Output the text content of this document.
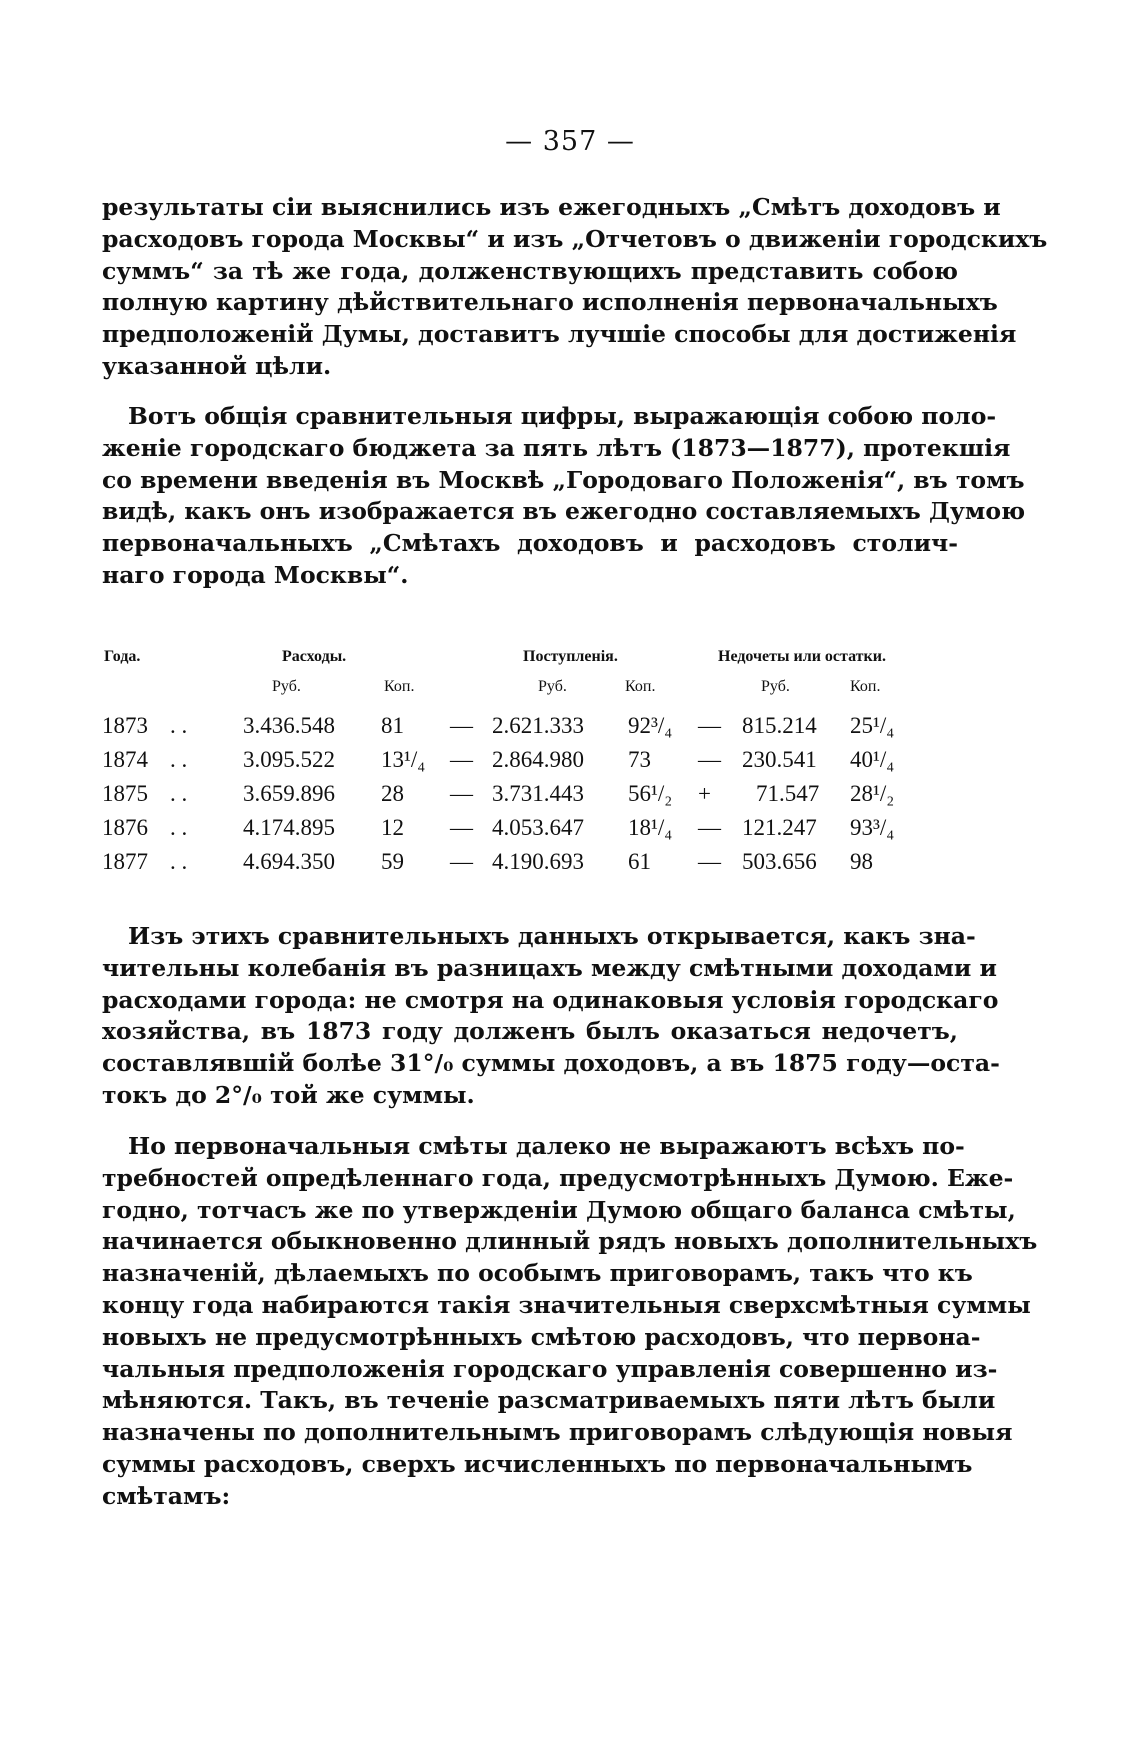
— 357 —
результаты сіи выяснились изъ ежегодныхъ „Смѣтъ доходовъ и
расходовъ города Москвы“ и изъ „Отчетовъ о движеніи городскихъ
суммъ“ за тѣ же года, долженствующихъ представить собою
полную картину дѣйствительнаго исполненія первоначальныхъ
предположеній Думы, доставитъ лучшіе способы для достиженія
указанной цѣли.
Вотъ общія сравнительныя цифры, выражающія собою поло-
женіе городскаго бюджета за пять лѣтъ (1873—1877), протекшія
со времени введенія въ Москвѣ „Городоваго Положенія“, въ томъ
видѣ, какъ онъ изображается въ ежегодно составляемыхъ Думою
первоначальныхъ „Смѣтахъ доходовъ и расходовъ столич-
наго города Москвы“.
Года.	Расходы.	Поступленія.	Недочеты или остатки.
Руб.	Коп.	Руб.	Коп.	Руб.	Коп.
1873 . . 3.436.548 81 — 2.621.333 92³/₄ — 815.214 25¹/₄
1874 . . 3.095.522 13¹/₄ — 2.864.980 73 — 230.541 40¹/₄
1875 . . 3.659.896 28 — 3.731.443 56¹/₂ + 71.547 28¹/₂
1876 . . 4.174.895 12 — 4.053.647 18¹/₄ — 121.247 93³/₄
1877 . . 4.694.350 59 — 4.190.693 61 — 503.656 98
Изъ этихъ сравнительныхъ данныхъ открывается, какъ зна-
чительны колебанія въ разницахъ между смѣтными доходами и
расходами города: не смотря на одинаковыя условія городскаго
хозяйства, въ 1873 году долженъ былъ оказаться недочетъ,
составлявшій болѣе 31°/₀ суммы доходовъ, а въ 1875 году—оста-
токъ до 2°/₀ той же суммы.
Но первоначальныя смѣты далеко не выражаютъ всѣхъ по-
требностей опредѣленнаго года, предусмотрѣнныхъ Думою. Еже-
годно, тотчасъ же по утвержденіи Думою общаго баланса смѣты,
начинается обыкновенно длинный рядъ новыхъ дополнительныхъ
назначеній, дѣлаемыхъ по особымъ приговорамъ, такъ что къ
концу года набираются такія значительныя сверхсмѣтныя суммы
новыхъ не предусмотрѣнныхъ смѣтою расходовъ, что первона-
чальныя предположенія городскаго управленія совершенно из-
мѣняются. Такъ, въ теченіе разсматриваемыхъ пяти лѣтъ были
назначены по дополнительнымъ приговорамъ слѣдующія новыя
суммы расходовъ, сверхъ исчисленныхъ по первоначальнымъ
смѣтамъ:
